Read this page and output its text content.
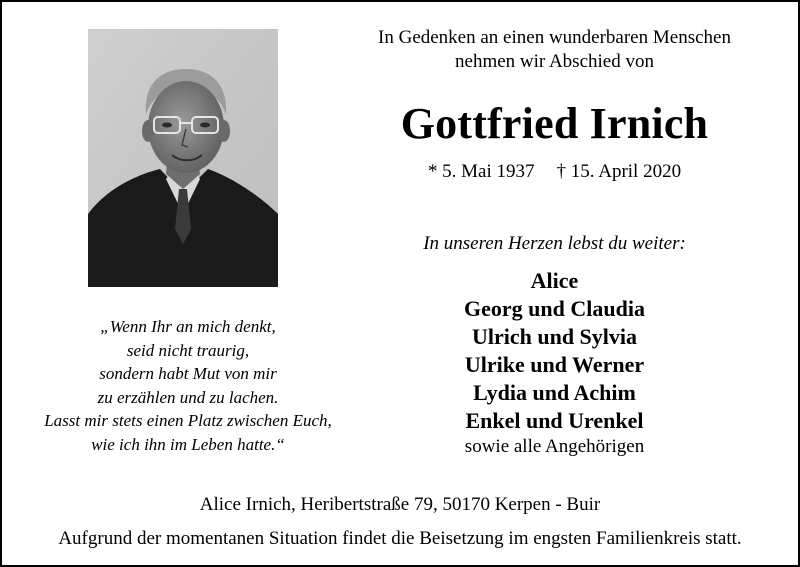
In Gedenken an einen wunderbaren Menschen
nehmen wir Abschied von
Gottfried Irnich
* 5. Mai 1937 † 15. April 2020
In unseren Herzen lebst du weiter:
Alice
Georg und Claudia
Ulrich und Sylvia
Ulrike und Werner
Lydia und Achim
Enkel und Urenkel
sowie alle Angehörigen
„Wenn Ihr an mich denkt,
seid nicht traurig,
sondern habt Mut von mir
zu erzählen und zu lachen.
Lasst mir stets einen Platz zwischen Euch,
wie ich ihn im Leben hatte.“
Alice Irnich, Heribertstraße 79, 50170 Kerpen - Buir
Aufgrund der momentanen Situation findet die Beisetzung im engsten Familienkreis statt.
